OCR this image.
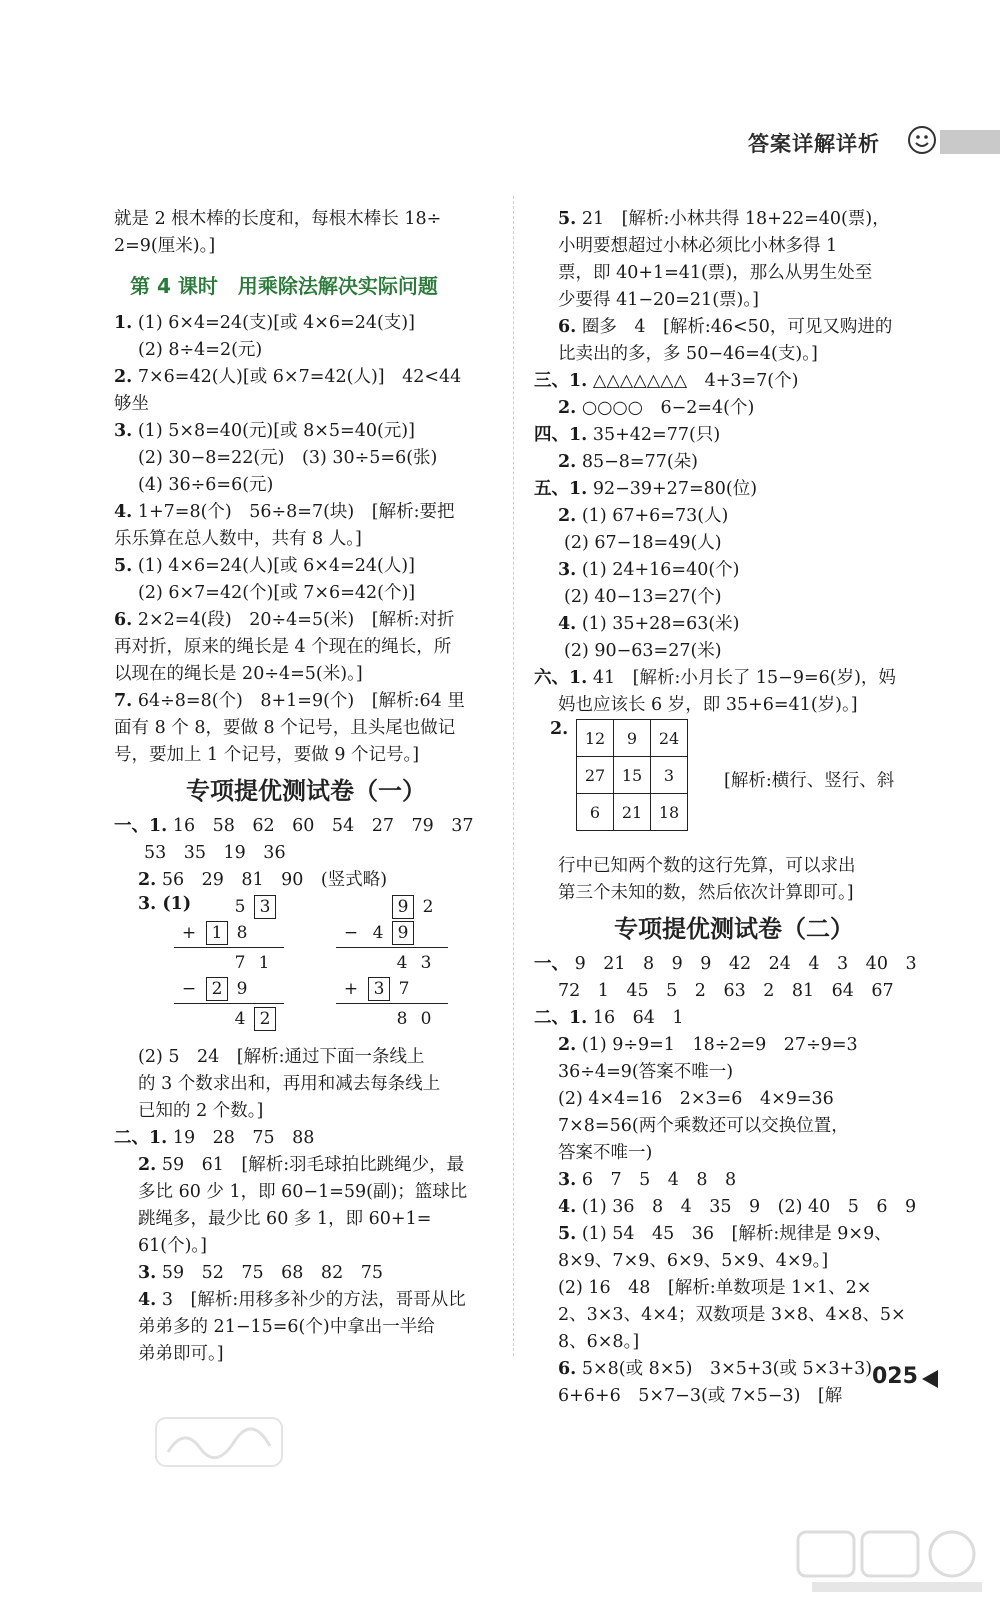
答案详解详析
就是 2 根木棒的长度和，每根木棒长 18÷
2=9(厘米)。]
第 4 课时　用乘除法解决实际问题
1. (1) 6×4=24(支)[或 4×6=24(支)]
(2) 8÷4=2(元)
2. 7×6=42(人)[或 6×7=42(人)]　42<44
够坐
3. (1) 5×8=40(元)[或 8×5=40(元)]
(2) 30−8=22(元)　(3) 30÷5=6(张)
(4) 36÷6=6(元)
4. 1+7=8(个)　56÷8=7(块)　[解析:要把
乐乐算在总人数中，共有 8 人。]
5. (1) 4×6=24(人)[或 6×4=24(人)]
(2) 6×7=42(个)[或 7×6=42(个)]
6. 2×2=4(段)　20÷4=5(米)　[解析:对折
再对折，原来的绳长是 4 个现在的绳长，所
以现在的绳长是 20÷4=5(米)。]
7. 64÷8=8(个)　8+1=9(个)　[解析:64 里
面有 8 个 8，要做 8 个记号，且头尾也做记
号，要加上 1 个记号，要做 9 个记号。]
专项提优测试卷（一）
一、1. 16　58　62　60　54　27　79　37
53　35　19　36
2. 56　29　81　90　(竖式略)
3. (1)	5 3
+ 1 8
7 1
− 2 9
4 2
9 2
− 4 9
4 3
+ 3 7
8 0
(2) 5　24　[解析:通过下面一条线上
的 3 个数求出和，再用和减去每条线上
已知的 2 个数。]
二、1. 19　28　75　88
2. 59　61　[解析:羽毛球拍比跳绳少，最
多比 60 少 1，即 60−1=59(副)；篮球比
跳绳多，最少比 60 多 1，即 60+1=
61(个)。]
3. 59　52　75　68　82　75
4. 3　[解析:用移多补少的方法，哥哥从比
弟弟多的 21−15=6(个)中拿出一半给
弟弟即可。]
5. 21　[解析:小林共得 18+22=40(票)，
小明要想超过小林必须比小林多得 1
票，即 40+1=41(票)，那么从男生处至
少要得 41−20=21(票)。]
6. 圈多　4　[解析:46<50，可见又购进的
比卖出的多，多 50−46=4(支)。]
三、1. △△△△△△△　4+3=7(个)
2. ○○○○　6−2=4(个)
四、1. 35+42=77(只)
2. 85−8=77(朵)
五、1. 92−39+27=80(位)
2. (1) 67+6=73(人)
(2) 67−18=49(人)
3. (1) 24+16=40(个)
(2) 40−13=27(个)
4. (1) 35+28=63(米)
(2) 90−63=27(米)
六、1. 41　[解析:小月长了 15−9=6(岁)，妈
妈也应该长 6 岁，即 35+6=41(岁)。]
2. 12	9	24
27	15	3
6	21	18
[解析:横行、竖行、斜
行中已知两个数的这行先算，可以求出
第三个未知的数，然后依次计算即可。]
专项提优测试卷（二）
一、 9　21　8　9　9　42　24　4　3　40　3
72　1　45　5　2　63　2　81　64　67
二、1. 16　64　1
2. (1) 9÷9=1　18÷2=9　27÷9=3
36÷4=9(答案不唯一)
(2) 4×4=16　2×3=6　4×9=36
7×8=56(两个乘数还可以交换位置，
答案不唯一)
3. 6　7　5　4　8　8
4. (1) 36　8　4　35　9　(2) 40　5　6　9
5. (1) 54　45　36　[解析:规律是 9×9、
8×9、7×9、6×9、5×9、4×9。]
(2) 16　48　[解析:单数项是 1×1、2×
2、3×3、4×4；双数项是 3×8、4×8、5×
8、6×8。]
6. 5×8(或 8×5)　3×5+3(或 5×3+3)
6+6+6　5×7−3(或 7×5−3)　[解
025
